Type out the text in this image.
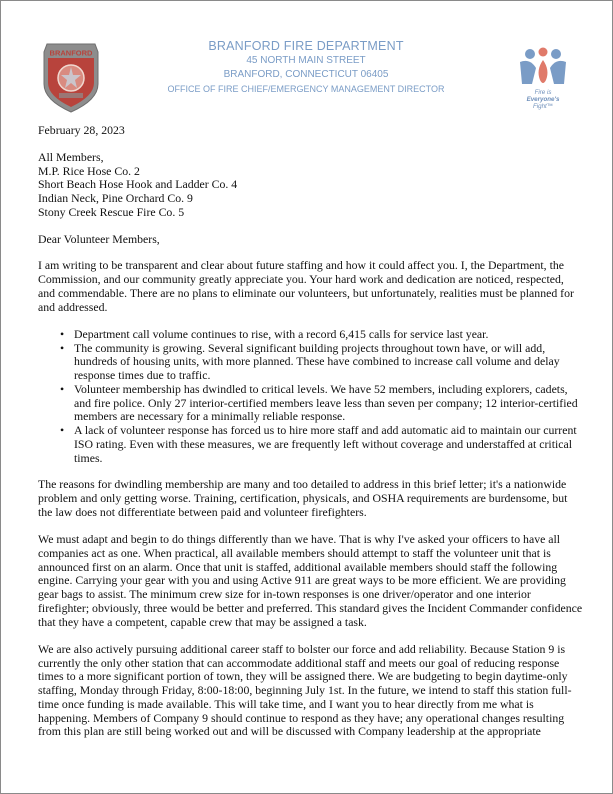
BRANFORD	BRANFORD FIRE DEPARTMENT
45 NORTH MAIN STREET
BRANFORD, CONNECTICUT 06405
OFFICE OF FIRE CHIEF/EMERGENCY MANAGEMENT DIRECTOR	Fire is
Everyone's
Fight™

February 28, 2023

All Members,

M.P. Rice Hose Co. 2

Short Beach Hose Hook and Ladder Co. 4

Indian Neck, Pine Orchard Co. 9

Stony Creek Rescue Fire Co. 5

Dear Volunteer Members,

I am writing to be transparent and clear about future staffing and how it could affect you. I, the Department, the Commission, and our community greatly appreciate you. Your hard work and dedication are noticed, respected, and commendable. There are no plans to eliminate our volunteers, but unfortunately, realities must be planned for and addressed.

• Department call volume continues to rise, with a record 6,415 calls for service last year.
• The community is growing. Several significant building projects throughout town have, or will add, hundreds of housing units, with more planned. These have combined to increase call volume and delay response times due to traffic.
• Volunteer membership has dwindled to critical levels. We have 52 members, including explorers, cadets, and fire police. Only 27 interior-certified members leave less than seven per company; 12 interior-certified members are necessary for a minimally reliable response.
• A lack of volunteer response has forced us to hire more staff and add automatic aid to maintain our current ISO rating. Even with these measures, we are frequently left without coverage and understaffed at critical times.

The reasons for dwindling membership are many and too detailed to address in this brief letter; it's a nationwide problem and only getting worse. Training, certification, physicals, and OSHA requirements are burdensome, but the law does not differentiate between paid and volunteer firefighters.

We must adapt and begin to do things differently than we have. That is why I've asked your officers to have all companies act as one. When practical, all available members should attempt to staff the volunteer unit that is announced first on an alarm. Once that unit is staffed, additional available members should staff the following engine. Carrying your gear with you and using Active 911 are great ways to be more efficient. We are providing gear bags to assist. The minimum crew size for in-town responses is one driver/operator and one interior firefighter; obviously, three would be better and preferred. This standard gives the Incident Commander confidence that they have a competent, capable crew that may be assigned a task.

We are also actively pursuing additional career staff to bolster our force and add reliability. Because Station 9 is currently the only other station that can accommodate additional staff and meets our goal of reducing response times to a more significant portion of town, they will be assigned there. We are budgeting to begin daytime-only staffing, Monday through Friday, 8:00-18:00, beginning July 1st. In the future, we intend to staff this station full-time once funding is made available. This will take time, and I want you to hear directly from me what is happening. Members of Company 9 should continue to respond as they have; any operational changes resulting from this plan are still being worked out and will be discussed with Company leadership at the appropriate
